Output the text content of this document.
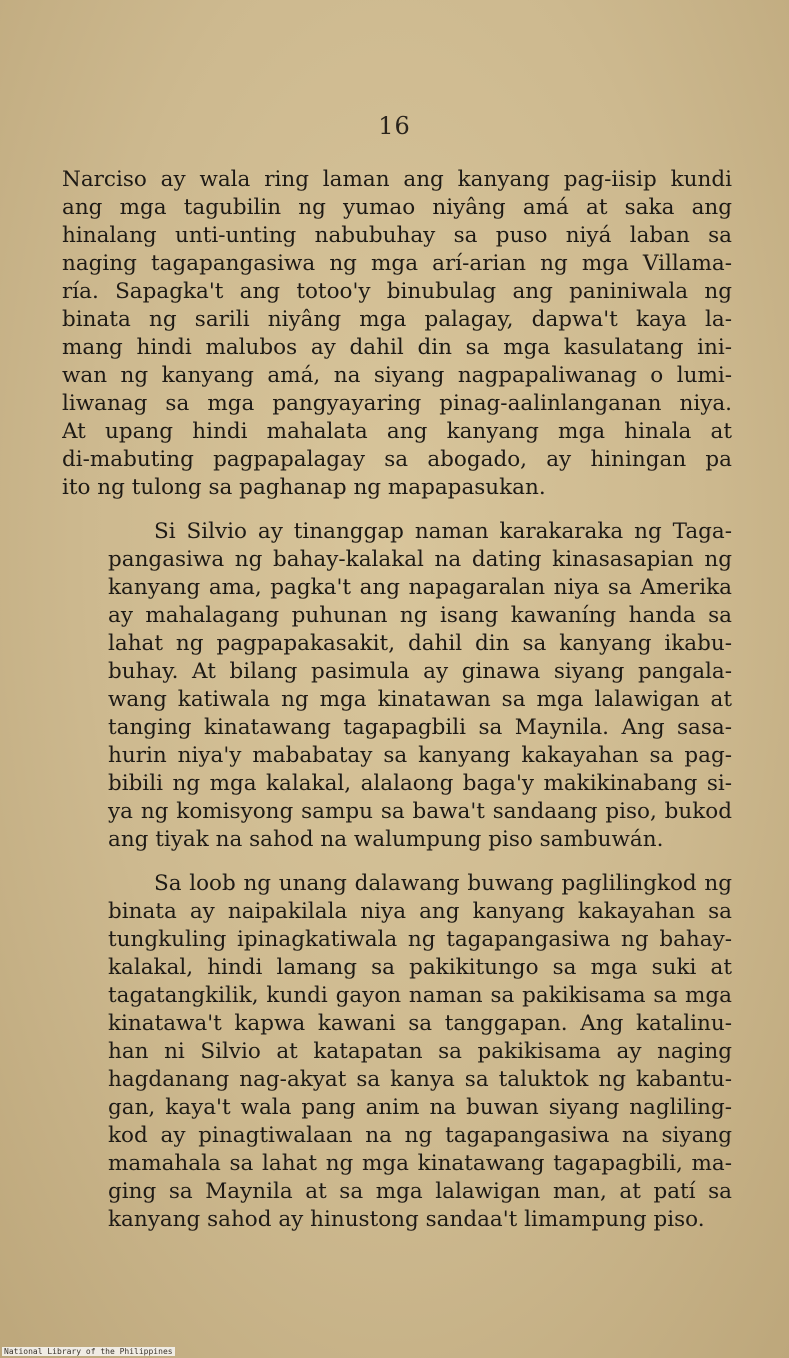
16
Narciso ay wala ring laman ang kanyang pag-iisip kundi
ang mga tagubilin ng yumao niyâng amá at saka ang
hinalang unti-unting nabubuhay sa puso niyá laban sa
naging tagapangasiwa ng mga arí-arian ng mga Villama-
ría. Sapagka't ang totoo'y binubulag ang paniniwala ng
binata ng sarili niyâng mga palagay, dapwa't kaya la-
mang hindi malubos ay dahil din sa mga kasulatang ini-
wan ng kanyang amá, na siyang nagpapaliwanag o lumi-
liwanag sa mga pangyayaring pinag-aalinlanganan niya.
At upang hindi mahalata ang kanyang mga hinala at
di-mabuting pagpapalagay sa abogado, ay hiningan pa
ito ng tulong sa paghanap ng mapapasukan.
Si Silvio ay tinanggap naman karakaraka ng Taga-
pangasiwa ng bahay-kalakal na dating kinasasapian ng
kanyang ama, pagka't ang napagaralan niya sa Amerika
ay mahalagang puhunan ng isang kawaníng handa sa
lahat ng pagpapakasakit, dahil din sa kanyang ikabu-
buhay. At bilang pasimula ay ginawa siyang pangala-
wang katiwala ng mga kinatawan sa mga lalawigan at
tanging kinatawang tagapagbili sa Maynila. Ang sasa-
hurin niya'y mababatay sa kanyang kakayahan sa pag-
bibili ng mga kalakal, alalaong baga'y makikinabang si-
ya ng komisyong sampu sa bawa't sandaang piso, bukod
ang tiyak na sahod na walumpung piso sambuwán.
Sa loob ng unang dalawang buwang paglilingkod ng
binata ay naipakilala niya ang kanyang kakayahan sa
tungkuling ipinagkatiwala ng tagapangasiwa ng bahay-
kalakal, hindi lamang sa pakikitungo sa mga suki at
tagatangkilik, kundi gayon naman sa pakikisama sa mga
kinatawa't kapwa kawani sa tanggapan. Ang katalinu-
han ni Silvio at katapatan sa pakikisama ay naging
hagdanang nag-akyat sa kanya sa taluktok ng kabantu-
gan, kaya't wala pang anim na buwan siyang nagliling-
kod ay pinagtiwalaan na ng tagapangasiwa na siyang
mamahala sa lahat ng mga kinatawang tagapagbili, ma-
ging sa Maynila at sa mga lalawigan man, at patí sa
kanyang sahod ay hinustong sandaa't limampung piso.
National Library of the Philippines
